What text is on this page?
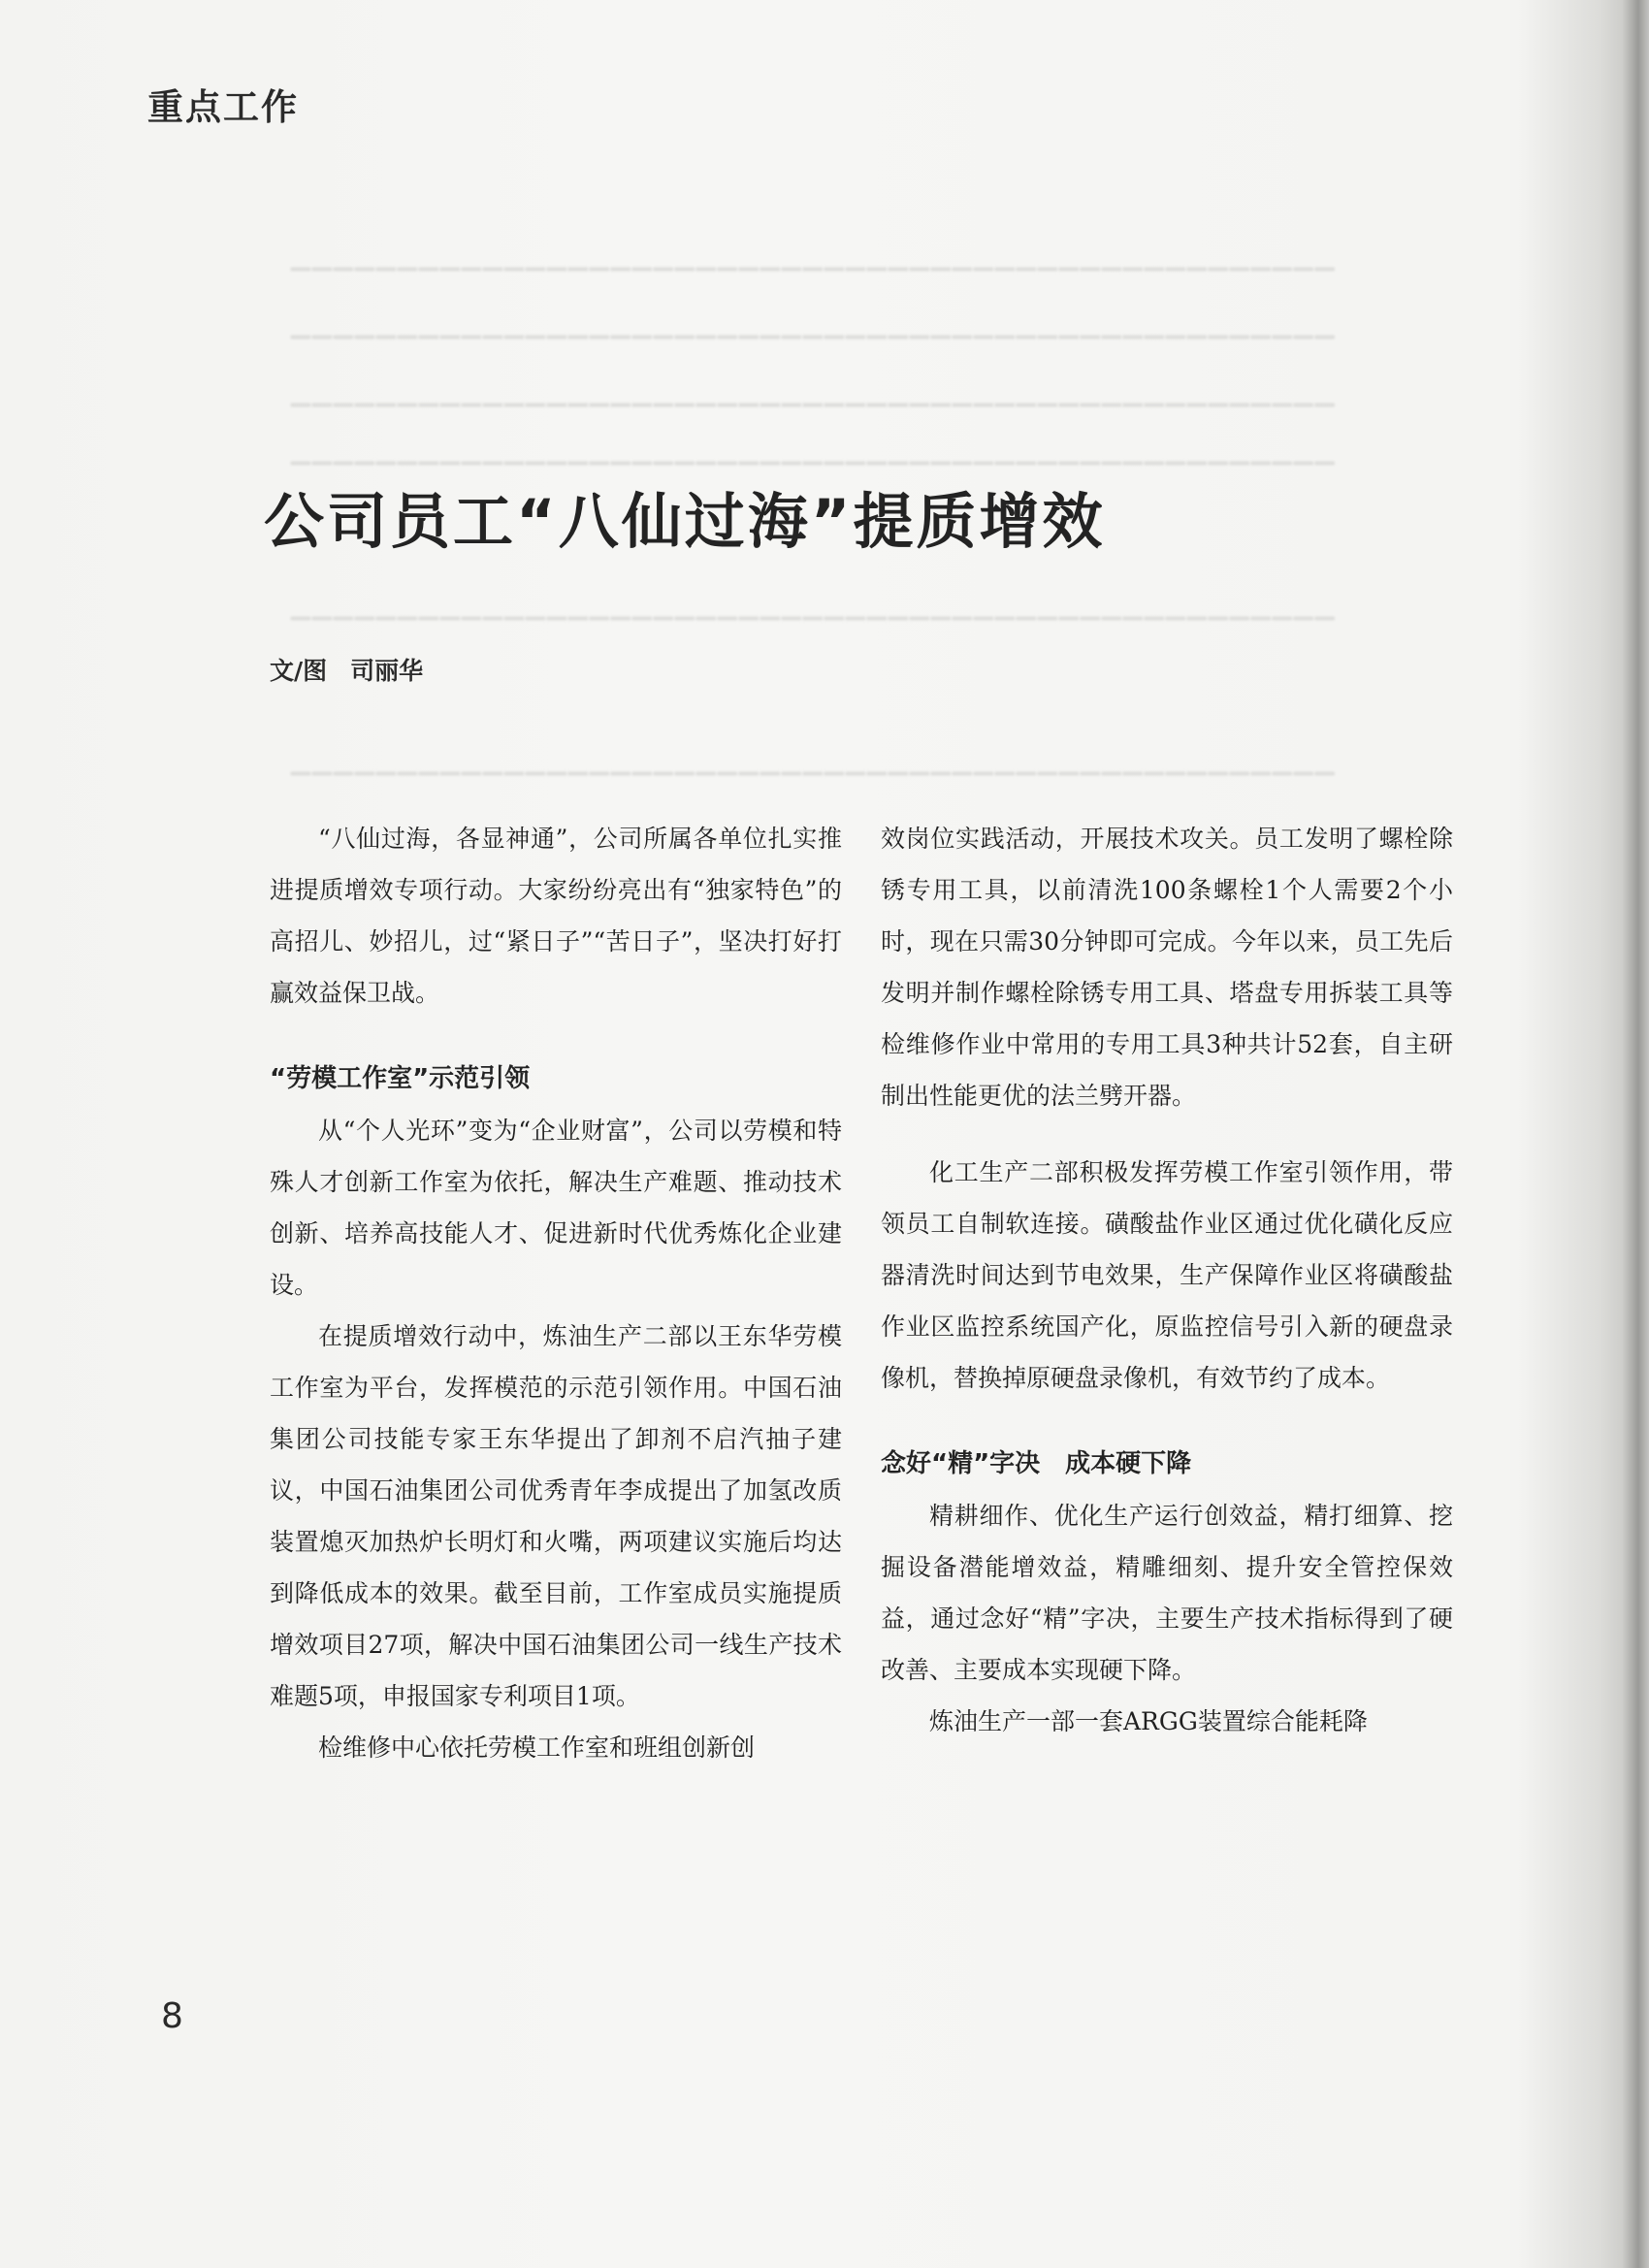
▁▁▁▁▁▁▁▁▁▁▁▁▁▁▁▁▁▁▁▁▁▁▁▁▁▁▁▁▁▁▁▁▁▁▁▁▁▁▁▁▁▁▁▁▁▁▁▁▁
▁▁▁▁▁▁▁▁▁▁▁▁▁▁▁▁▁▁▁▁▁▁▁▁▁▁▁▁▁▁▁▁▁▁▁▁▁▁▁▁▁▁▁▁▁▁▁▁▁
▁▁▁▁▁▁▁▁▁▁▁▁▁▁▁▁▁▁▁▁▁▁▁▁▁▁▁▁▁▁▁▁▁▁▁▁▁▁▁▁▁▁▁▁▁▁▁▁▁
▁▁▁▁▁▁▁▁▁▁▁▁▁▁▁▁▁▁▁▁▁▁▁▁▁▁▁▁▁▁▁▁▁▁▁▁▁▁▁▁▁▁▁▁▁▁▁▁▁
▁▁▁▁▁▁▁▁▁▁▁▁▁▁▁▁▁▁▁▁▁▁▁▁▁▁▁▁▁▁▁▁▁▁▁▁▁▁▁▁▁▁▁▁▁▁▁▁▁
▁▁▁▁▁▁▁▁▁▁▁▁▁▁▁▁▁▁▁▁▁▁▁▁▁▁▁▁▁▁▁▁▁▁▁▁▁▁▁▁▁▁▁▁▁▁▁▁▁
重点工作
公司员工“八仙过海”提质增效
文/图 司丽华

“八仙过海，各显神通”，公司所属各单位扎实推进提质增效专项行动。大家纷纷亮出有“独家特色”的高招儿、妙招儿，过“紧日子”“苦日子”，坚决打好打赢效益保卫战。

“劳模工作室”示范引领

从“个人光环”变为“企业财富”，公司以劳模和特殊人才创新工作室为依托，解决生产难题、推动技术创新、培养高技能人才、促进新时代优秀炼化企业建设。

在提质增效行动中，炼油生产二部以王东华劳模工作室为平台，发挥模范的示范引领作用。中国石油集团公司技能专家王东华提出了卸剂不启汽抽子建议，中国石油集团公司优秀青年李成提出了加氢改质装置熄灭加热炉长明灯和火嘴，两项建议实施后均达到降低成本的效果。截至目前，工作室成员实施提质增效项目27项，解决中国石油集团公司一线生产技术难题5项，申报国家专利项目1项。

检维修中心依托劳模工作室和班组创新创

效岗位实践活动，开展技术攻关。员工发明了螺栓除锈专用工具，以前清洗100条螺栓1个人需要2个小时，现在只需30分钟即可完成。今年以来，员工先后发明并制作螺栓除锈专用工具、塔盘专用拆装工具等检维修作业中常用的专用工具3种共计52套，自主研制出性能更优的法兰劈开器。

化工生产二部积极发挥劳模工作室引领作用，带领员工自制软连接。磺酸盐作业区通过优化磺化反应器清洗时间达到节电效果，生产保障作业区将磺酸盐作业区监控系统国产化，原监控信号引入新的硬盘录像机，替换掉原硬盘录像机，有效节约了成本。

念好“精”字决　成本硬下降

精耕细作、优化生产运行创效益，精打细算、挖掘设备潜能增效益，精雕细刻、提升安全管控保效益，通过念好“精”字决，主要生产技术指标得到了硬改善、主要成本实现硬下降。

炼油生产一部一套ARGG装置综合能耗降

8
